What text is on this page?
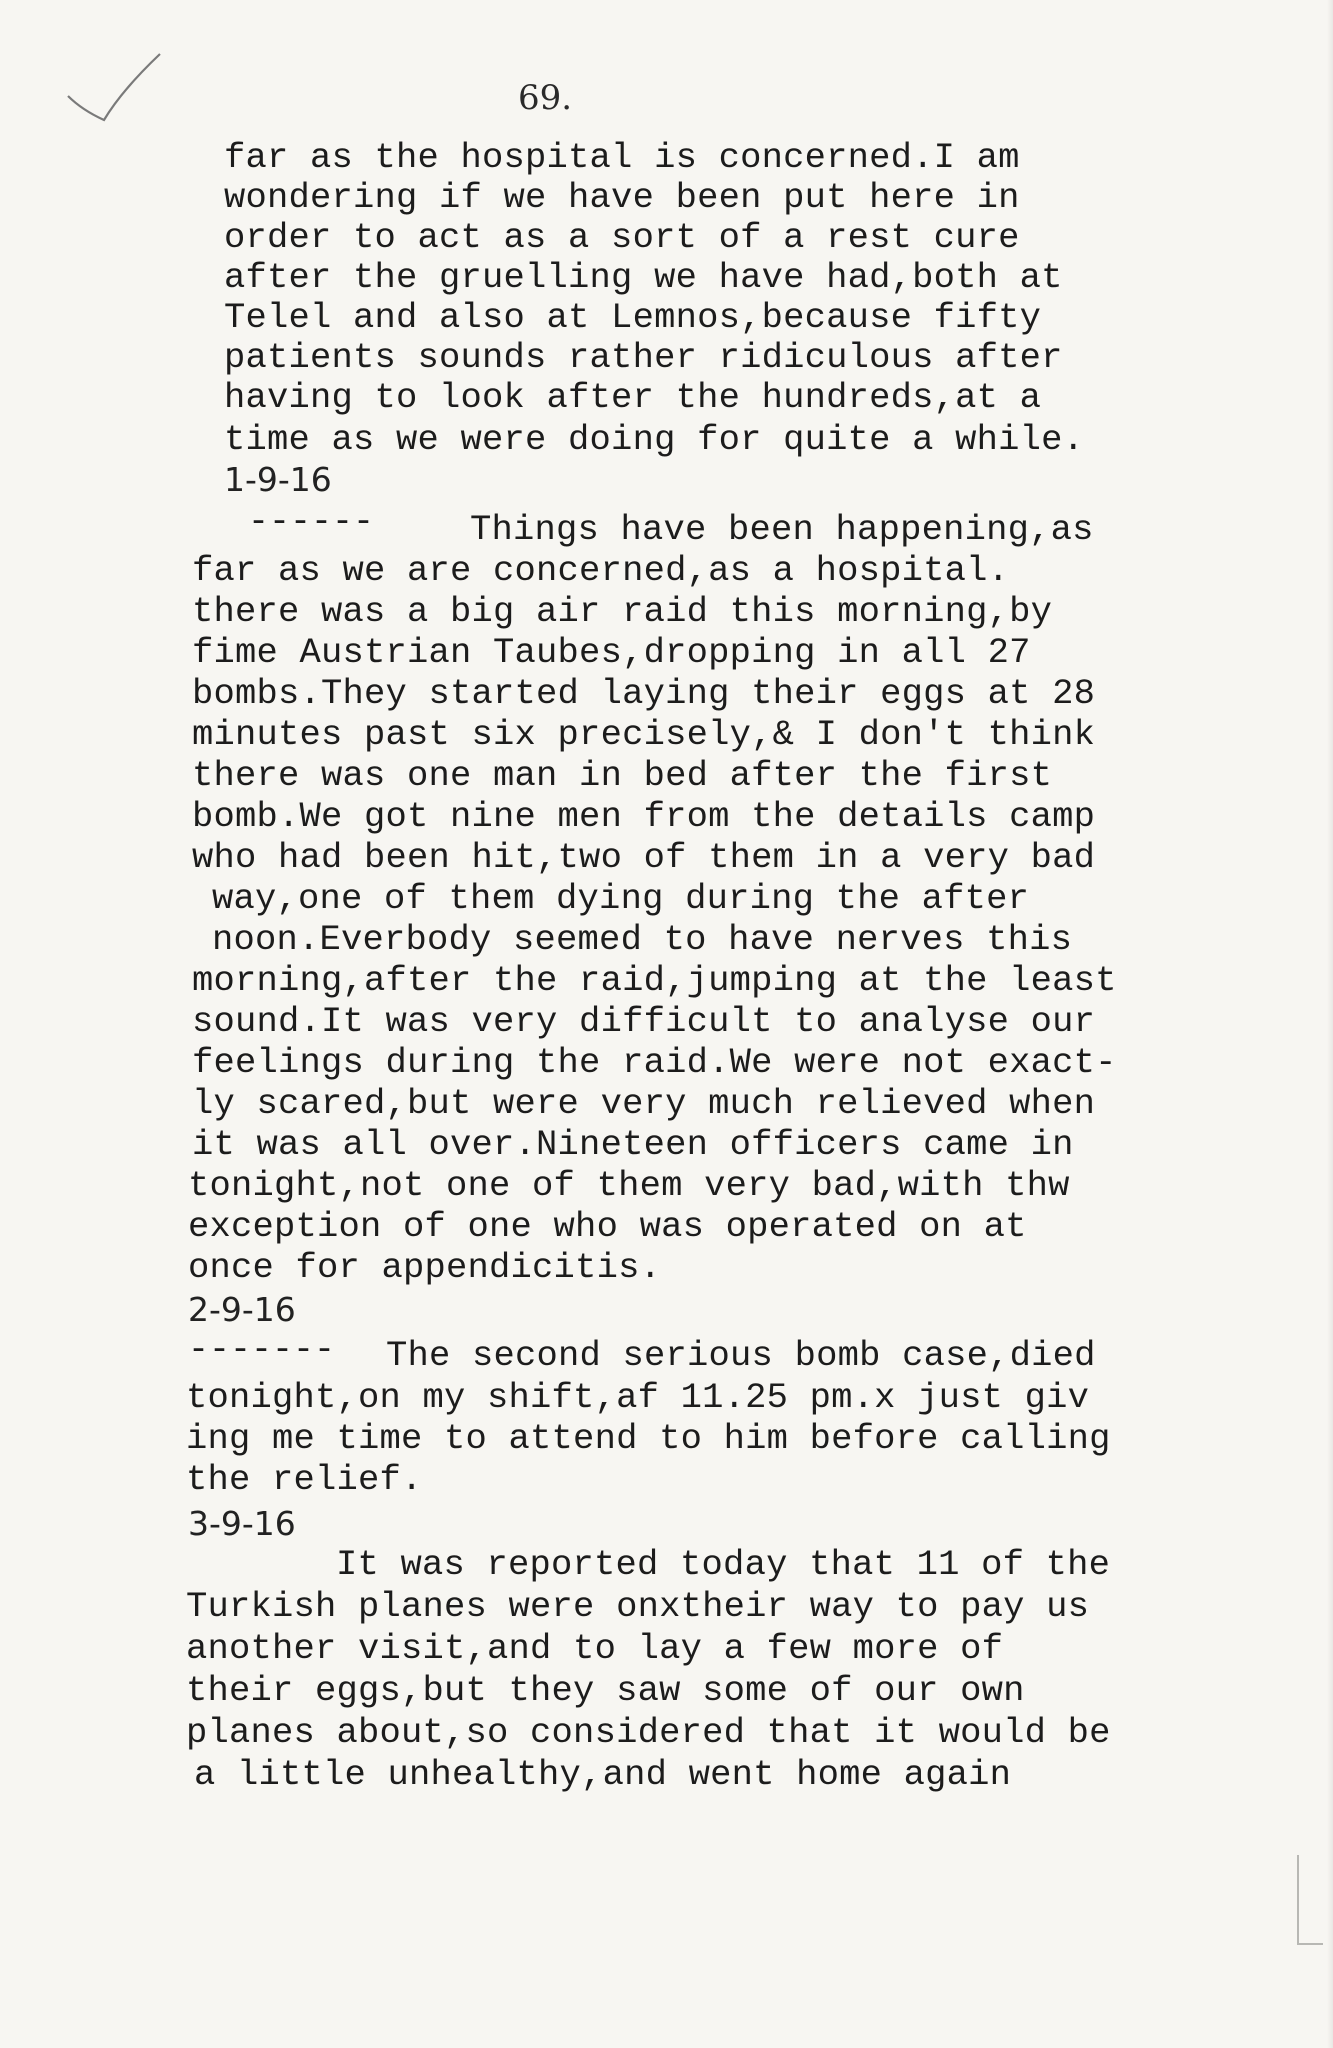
69.
far as the hospital is concerned.I am
wondering if we have been put here in
order to act as a sort of a rest cure
after the gruelling we have had,both at
Telel and also at Lemnos,because fifty
patients sounds rather ridiculous after
having to look after the hundreds,at a
time as we were doing for quite a while.
1-9-16
------	Things have been happening,as
far as we are concerned,as a hospital.
there was a big air raid this morning,by
fime Austrian Taubes,dropping in all 27
bombs.They started laying their eggs at 28
minutes past six precisely,& I don't think
there was one man in bed after the first
bomb.We got nine men from the details camp
who had been hit,two of them in a very bad
way,one of them dying during the after
noon.Everbody seemed to have nerves this
morning,after the raid,jumping at the least
sound.It was very difficult to analyse our
feelings during the raid.We were not exact-
ly scared,but were very much relieved when
it was all over.Nineteen officers came in
tonight,not one of them very bad,with thw
exception of one who was operated on at
once for appendicitis.
2-9-16
------- The second serious bomb case,died
tonight,on my shift,af 11.25 pm.x just giv
ing me time to attend to him before calling
the relief.
3-9-16
It was reported today that 11 of the
Turkish planes were onxtheir way to pay us
another visit,and to lay a few more of
their eggs,but they saw some of our own
planes about,so considered that it would be
a little unhealthy,and went home again
